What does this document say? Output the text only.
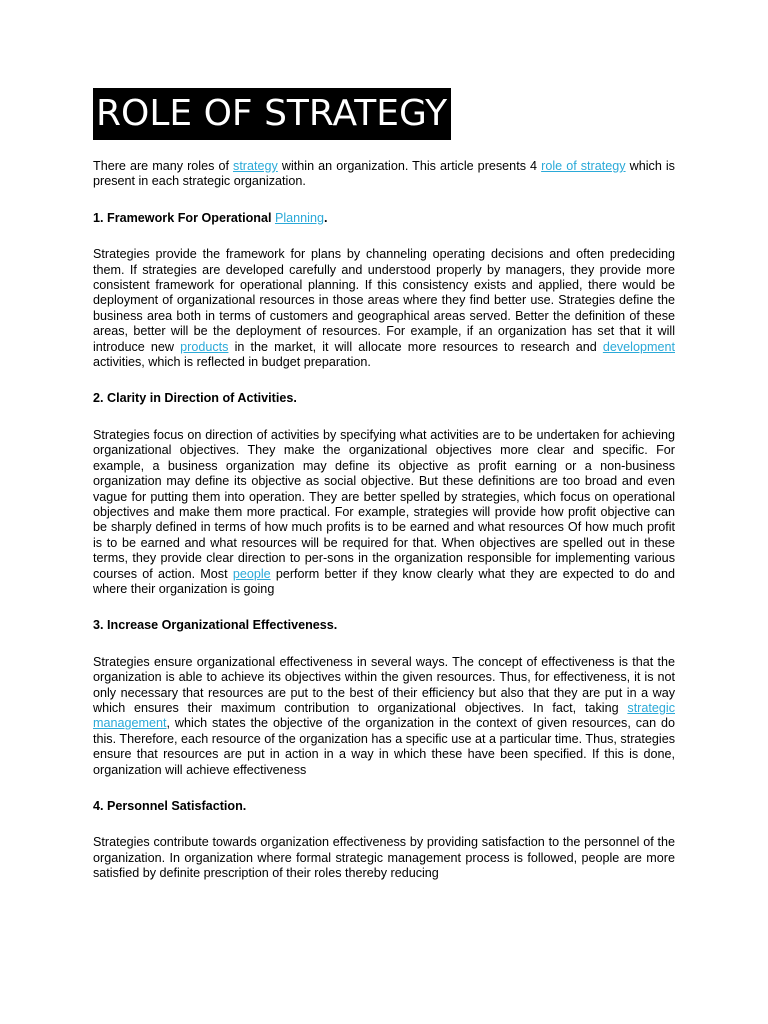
ROLE OF STRATEGY

There are many roles of strategy within an organization. This article presents 4 role of strategy which is present in each strategic organization.

1. Framework For Operational Planning.

Strategies provide the framework for plans by channeling operating decisions and often predeciding them. If strategies are developed carefully and understood properly by managers, they provide more consistent framework for operational planning. If this consistency exists and applied, there would be deployment of organizational resources in those areas where they find better use. Strategies define the business area both in terms of customers and geographical areas served. Better the definition of these areas, better will be the deployment of resources. For example, if an organization has set that it will introduce new products in the market, it will allocate more resources to research and development activities, which is reflected in budget preparation.

2. Clarity in Direction of Activities.

Strategies focus on direction of activities by specifying what activities are to be undertaken for achieving organizational objectives. They make the organizational objectives more clear and specific. For example, a business organization may define its objective as profit earning or a non-business organization may define its objective as social objective. But these definitions are too broad and even vague for putting them into operation. They are better spelled by strategies, which focus on operational objectives and make them more practical. For example, strategies will provide how profit objective can be sharply defined in terms of how much profits is to be earned and what resources Of how much profit is to be earned and what resources will be required for that. When objectives are spelled out in these terms, they provide clear direction to per-sons in the organization responsible for implementing various courses of action. Most people perform better if they know clearly what they are expected to do and where their organization is going

3. Increase Organizational Effectiveness.

Strategies ensure organizational effectiveness in several ways. The concept of effectiveness is that the organization is able to achieve its objectives within the given resources. Thus, for effectiveness, it is not only necessary that resources are put to the best of their efficiency but also that they are put in a way which ensures their maximum contribution to organizational objectives. In fact, taking strategic management, which states the objective of the organization in the context of given resources, can do this. Therefore, each resource of the organization has a specific use at a particular time. Thus, strategies ensure that resources are put in action in a way in which these have been specified. If this is done, organization will achieve effectiveness

4. Personnel Satisfaction.

Strategies contribute towards organization effectiveness by providing satisfaction to the personnel of the organization. In organization where formal strategic management process is followed, people are more satisfied by definite prescription of their roles thereby reducing
